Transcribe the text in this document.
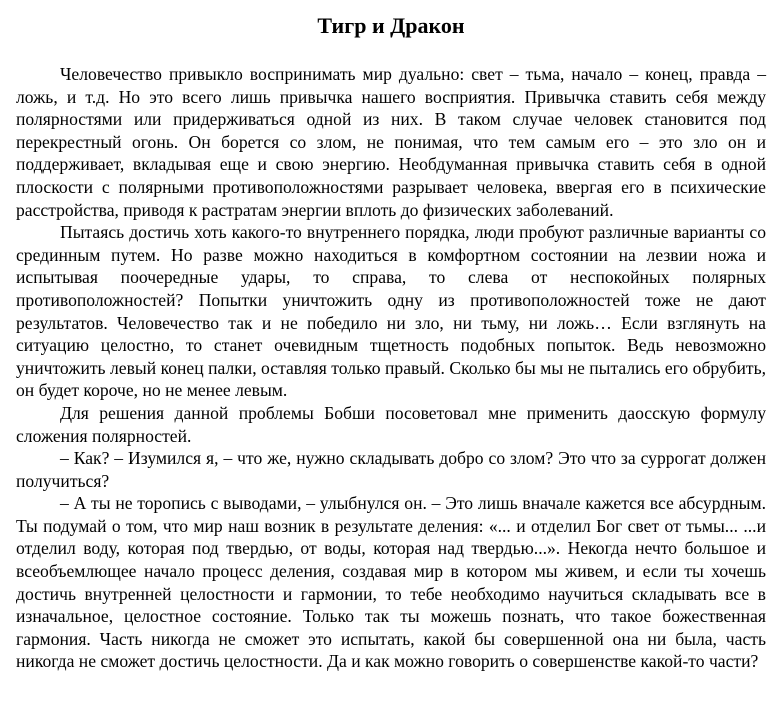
Тигр и Дракон

Человечество привыкло воспринимать мир дуально: свет – тьма, начало – конец, правда – ложь, и т.д. Но это всего лишь привычка нашего восприятия. Привычка ставить себя между полярностями или придерживаться одной из них. В таком случае человек становится под перекрестный огонь. Он борется со злом, не понимая, что тем самым его – это зло он и поддерживает, вкладывая еще и свою энергию. Необдуманная привычка ставить себя в одной плоскости с полярными противоположностями разрывает человека, ввергая его в психические расстройства, приводя к растратам энергии вплоть до физических заболеваний.

Пытаясь достичь хоть какого-то внутреннего порядка, люди пробуют различные варианты со срединным путем. Но разве можно находиться в комфортном состоянии на лезвии ножа и испытывая поочередные удары, то справа, то слева от неспокойных полярных противоположностей? Попытки уничтожить одну из противоположностей тоже не дают результатов. Человечество так и не победило ни зло, ни тьму, ни ложь… Если взглянуть на ситуацию целостно, то станет очевидным тщетность подобных попыток. Ведь невозможно уничтожить левый конец палки, оставляя только правый. Сколько бы мы не пытались его обрубить, он будет короче, но не менее левым.

Для решения данной проблемы Бобши посоветовал мне применить даосскую формулу сложения полярностей.

– Как? – Изумился я, – что же, нужно складывать добро со злом? Это что за суррогат должен получиться?

– А ты не торопись с выводами, – улыбнулся он. – Это лишь вначале кажется все абсурдным. Ты подумай о том, что мир наш возник в результате деления: «... и отделил Бог свет от тьмы... ...и отделил воду, которая под твердью, от воды, которая над твердью...». Некогда нечто большое и всеобъемлющее начало процесс деления, создавая мир в котором мы живем, и если ты хочешь достичь внутренней целостности и гармонии, то тебе необходимо научиться складывать все в изначальное, целостное состояние. Только так ты можешь познать, что такое божественная гармония. Часть никогда не сможет это испытать, какой бы совершенной она ни была, часть никогда не сможет достичь целостности. Да и как можно говорить о совершенстве какой-то части?
